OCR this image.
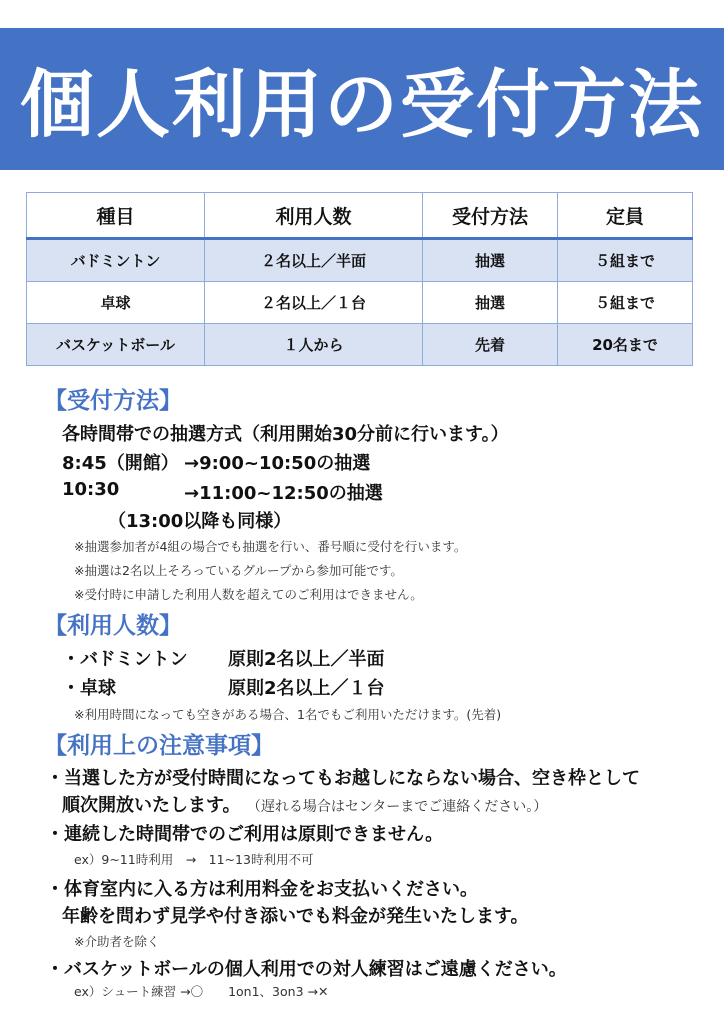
個人利用の受付方法
種目	利用人数	受付方法	定員
バドミントン	２名以上／半面	抽選	５組まで
卓球	２名以上／１台	抽選	５組まで
バスケットボール	１人から	先着	20名まで
【受付方法】
各時間帯での抽選方式（利用開始30分前に行います。）
8:45（開館） →9:00~10:50の抽選
10:30	→11:00~12:50の抽選
（13:00以降も同様）
※抽選参加者が4組の場合でも抽選を行い、番号順に受付を行います。
※抽選は2名以上そろっているグループから参加可能です。
※受付時に申請した利用人数を超えてのご利用はできません。
【利用人数】
・バドミントン 原則2名以上／半面
・卓球	原則2名以上／１台
※利用時間になっても空きがある場合、1名でもご利用いただけます。(先着)
【利用上の注意事項】
・当選した方が受付時間になってもお越しにならない場合、空き枠として
順次開放いたします。 （遅れる場合はセンターまでご連絡ください。）
・連続した時間帯でのご利用は原則できません。
ex）9~11時利用　→　11~13時利用不可
・体育室内に入る方は利用料金をお支払いください。
年齢を問わず見学や付き添いでも料金が発生いたします。
※介助者を除く
・バスケットボールの個人利用での対人練習はご遠慮ください。
ex）シュート練習 →〇　　1on1、3on3 →✕
